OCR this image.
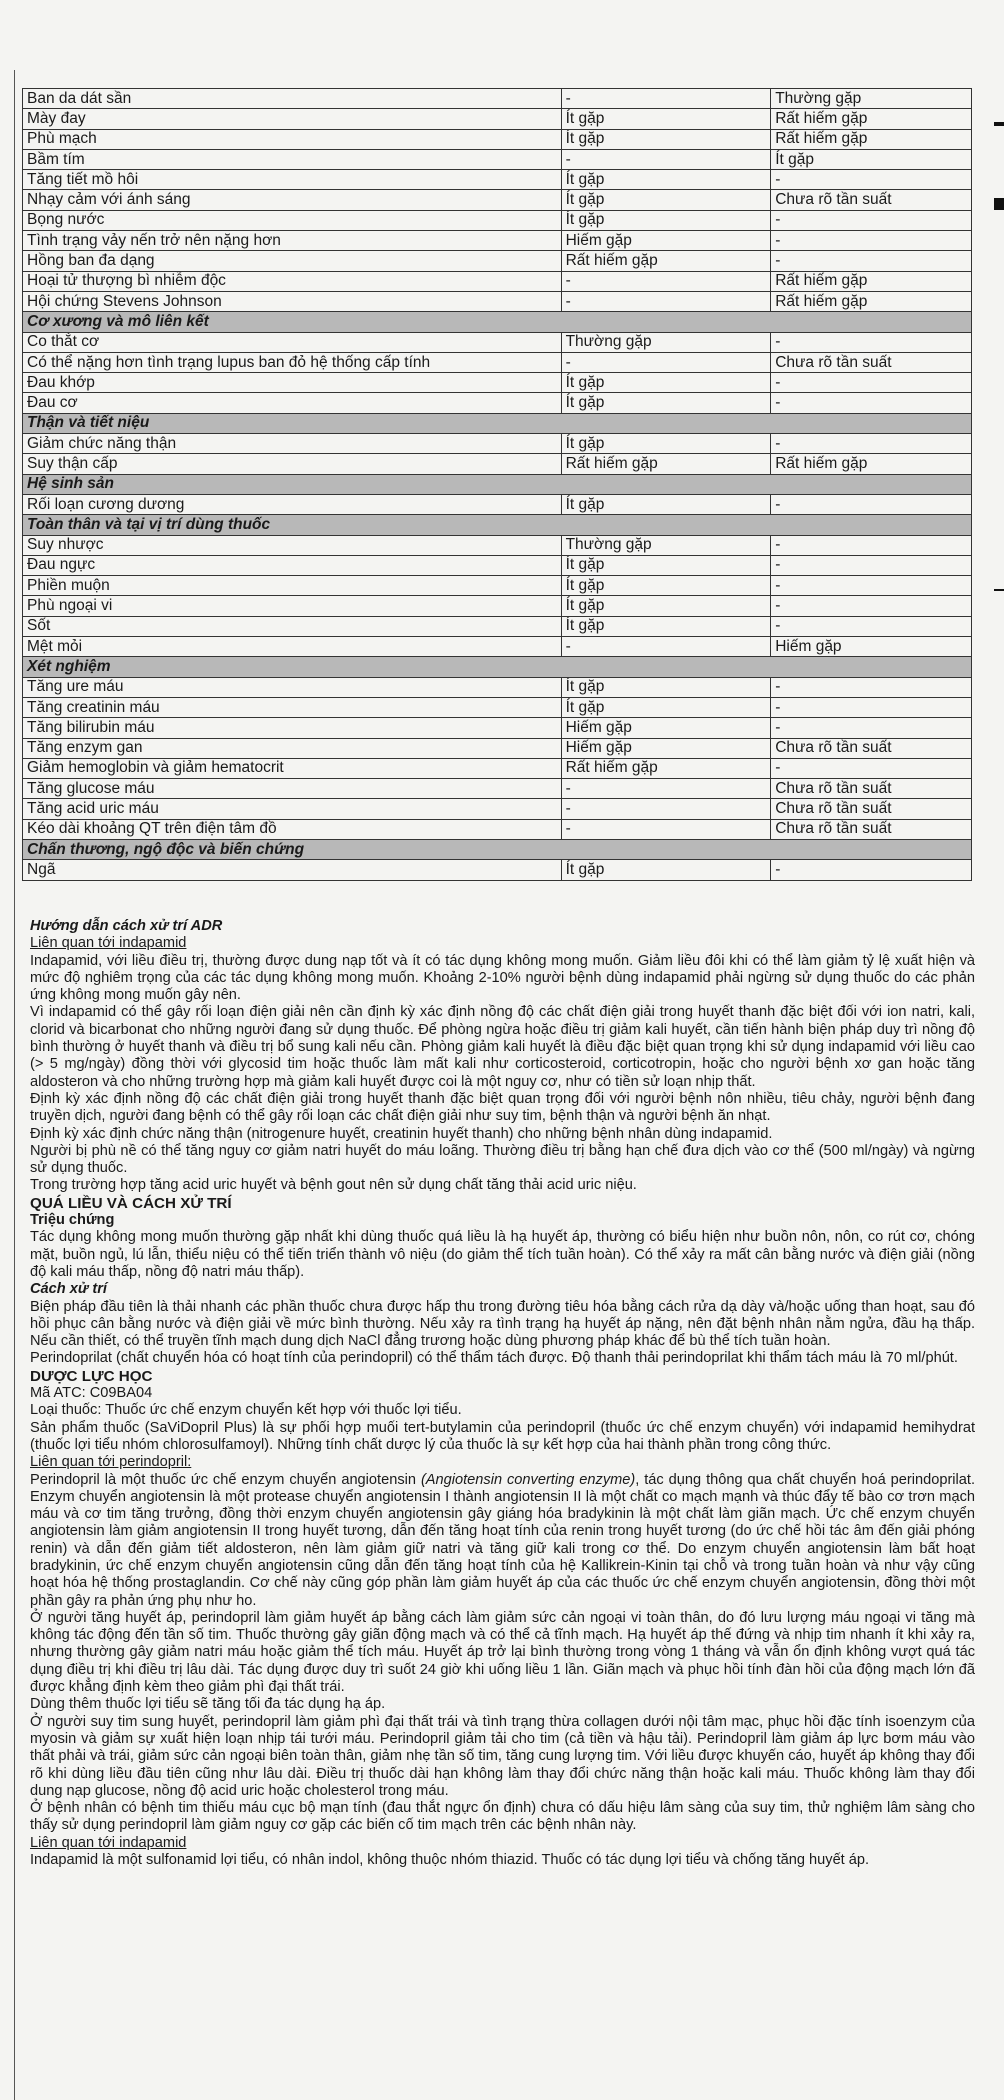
Ban da dát sần	-	Thường gặp
Mày đay	Ít gặp	Rất hiếm gặp
Phù mạch	Ít gặp	Rất hiếm gặp
Bầm tím	-	Ít gặp
Tăng tiết mồ hôi	Ít gặp	-
Nhạy cảm với ánh sáng	Ít gặp	Chưa rõ tần suất
Bọng nước	Ít gặp	-
Tình trạng vảy nến trở nên nặng hơn	Hiếm gặp	-
Hồng ban đa dạng	Rất hiếm gặp	-
Hoại tử thượng bì nhiễm độc	-	Rất hiếm gặp
Hội chứng Stevens Johnson	-	Rất hiếm gặp
Cơ xương và mô liên kết		
Co thắt cơ	Thường gặp	-
Có thể nặng hơn tình trạng lupus ban đỏ hệ thống cấp tính	-	Chưa rõ tần suất
Đau khớp	Ít gặp	-
Đau cơ	Ít gặp	-
Thận và tiết niệu		
Giảm chức năng thận	Ít gặp	-
Suy thận cấp	Rất hiếm gặp	Rất hiếm gặp
Hệ sinh sản		
Rối loạn cương dương	Ít gặp	-
Toàn thân và tại vị trí dùng thuốc		
Suy nhược	Thường gặp	-
Đau ngực	Ít gặp	-
Phiền muộn	Ít gặp	-
Phù ngoại vi	Ít gặp	-
Sốt	Ít gặp	-
Mệt mỏi	-	Hiếm gặp
Xét nghiệm		
Tăng ure máu	Ít gặp	-
Tăng creatinin máu	Ít gặp	-
Tăng bilirubin máu	Hiếm gặp	-
Tăng enzym gan	Hiếm gặp	Chưa rõ tần suất
Giảm hemoglobin và giảm hematocrit	Rất hiếm gặp	-
Tăng glucose máu	-	Chưa rõ tần suất
Tăng acid uric máu	-	Chưa rõ tần suất
Kéo dài khoảng QT trên điện tâm đồ	-	Chưa rõ tần suất
Chấn thương, ngộ độc và biến chứng		
Ngã	Ít gặp	-

Hướng dẫn cách xử trí ADR

Liên quan tới indapamid

Indapamid, với liều điều trị, thường được dung nạp tốt và ít có tác dụng không mong muốn. Giảm liều đôi khi có thể làm giảm tỷ lệ xuất hiện và mức độ nghiêm trọng của các tác dụng không mong muốn. Khoảng 2-10% người bệnh dùng indapamid phải ngừng sử dụng thuốc do các phản ứng không mong muốn gây nên.

Vì indapamid có thể gây rối loạn điện giải nên cần định kỳ xác định nồng độ các chất điện giải trong huyết thanh đặc biệt đối với ion natri, kali, clorid và bicarbonat cho những người đang sử dụng thuốc. Để phòng ngừa hoặc điều trị giảm kali huyết, cần tiến hành biện pháp duy trì nồng độ bình thường ở huyết thanh và điều trị bổ sung kali nếu cần. Phòng giảm kali huyết là điều đặc biệt quan trọng khi sử dụng indapamid với liều cao (> 5 mg/ngày) đồng thời với glycosid tim hoặc thuốc làm mất kali như corticosteroid, corticotropin, hoặc cho người bệnh xơ gan hoặc tăng aldosteron và cho những trường hợp mà giảm kali huyết được coi là một nguy cơ, như có tiền sử loạn nhịp thất.

Định kỳ xác định nồng độ các chất điện giải trong huyết thanh đặc biệt quan trọng đối với người bệnh nôn nhiều, tiêu chảy, người bệnh đang truyền dịch, người đang bệnh có thể gây rối loạn các chất điện giải như suy tim, bệnh thận và người bệnh ăn nhạt.

Định kỳ xác định chức năng thận (nitrogenure huyết, creatinin huyết thanh) cho những bệnh nhân dùng indapamid.

Người bị phù nề có thể tăng nguy cơ giảm natri huyết do máu loãng. Thường điều trị bằng hạn chế đưa dịch vào cơ thể (500 ml/ngày) và ngừng sử dụng thuốc.

Trong trường hợp tăng acid uric huyết và bệnh gout nên sử dụng chất tăng thải acid uric niệu.

QUÁ LIỀU VÀ CÁCH XỬ TRÍ

Triệu chứng

Tác dụng không mong muốn thường gặp nhất khi dùng thuốc quá liều là hạ huyết áp, thường có biểu hiện như buồn nôn, nôn, co rút cơ, chóng mặt, buồn ngủ, lú lẫn, thiểu niệu có thể tiến triển thành vô niệu (do giảm thể tích tuần hoàn). Có thể xảy ra mất cân bằng nước và điện giải (nồng độ kali máu thấp, nồng độ natri máu thấp).

Cách xử trí

Biện pháp đầu tiên là thải nhanh các phần thuốc chưa được hấp thu trong đường tiêu hóa bằng cách rửa dạ dày và/hoặc uống than hoạt, sau đó hồi phục cân bằng nước và điện giải về mức bình thường. Nếu xảy ra tình trạng hạ huyết áp nặng, nên đặt bệnh nhân nằm ngửa, đầu hạ thấp. Nếu cần thiết, có thể truyền tĩnh mạch dung dịch NaCl đẳng trương hoặc dùng phương pháp khác để bù thể tích tuần hoàn.

Perindoprilat (chất chuyển hóa có hoạt tính của perindopril) có thể thẩm tách được. Độ thanh thải perindoprilat khi thẩm tách máu là 70 ml/phút.

DƯỢC LỰC HỌC

Mã ATC: C09BA04

Loại thuốc: Thuốc ức chế enzym chuyển kết hợp với thuốc lợi tiểu.

Sản phẩm thuốc (SaViDopril Plus) là sự phối hợp muối tert-butylamin của perindopril (thuốc ức chế enzym chuyển) với indapamid hemihydrat (thuốc lợi tiểu nhóm chlorosulfamoyl). Những tính chất dược lý của thuốc là sự kết hợp của hai thành phần trong công thức.

Liên quan tới perindopril:

Perindopril là một thuốc ức chế enzym chuyển angiotensin (Angiotensin converting enzyme), tác dụng thông qua chất chuyển hoá perindoprilat. Enzym chuyển angiotensin là một protease chuyển angiotensin I thành angiotensin II là một chất co mạch mạnh và thúc đẩy tế bào cơ trơn mạch máu và cơ tim tăng trưởng, đồng thời enzym chuyển angiotensin gây giáng hóa bradykinin là một chất làm giãn mạch. Ức chế enzym chuyển angiotensin làm giảm angiotensin II trong huyết tương, dẫn đến tăng hoạt tính của renin trong huyết tương (do ức chế hồi tác âm đến giải phóng renin) và dẫn đến giảm tiết aldosteron, nên làm giảm giữ natri và tăng giữ kali trong cơ thể. Do enzym chuyển angiotensin làm bất hoạt bradykinin, ức chế enzym chuyển angiotensin cũng dẫn đến tăng hoạt tính của hệ Kallikrein-Kinin tại chỗ và trong tuần hoàn và như vậy cũng hoạt hóa hệ thống prostaglandin. Cơ chế này cũng góp phần làm giảm huyết áp của các thuốc ức chế enzym chuyển angiotensin, đồng thời một phần gây ra phản ứng phụ như ho.

Ở người tăng huyết áp, perindopril làm giảm huyết áp bằng cách làm giảm sức cản ngoại vi toàn thân, do đó lưu lượng máu ngoại vi tăng mà không tác động đến tần số tim. Thuốc thường gây giãn động mạch và có thể cả tĩnh mạch. Hạ huyết áp thế đứng và nhịp tim nhanh ít khi xảy ra, nhưng thường gây giảm natri máu hoặc giảm thể tích máu. Huyết áp trở lại bình thường trong vòng 1 tháng và vẫn ổn định không vượt quá tác dụng điều trị khi điều trị lâu dài. Tác dụng được duy trì suốt 24 giờ khi uống liều 1 lần. Giãn mạch và phục hồi tính đàn hồi của động mạch lớn đã được khẳng định kèm theo giảm phì đại thất trái.

Dùng thêm thuốc lợi tiểu sẽ tăng tối đa tác dụng hạ áp.

Ở người suy tim sung huyết, perindopril làm giảm phì đại thất trái và tình trạng thừa collagen dưới nội tâm mạc, phục hồi đặc tính isoenzym của myosin và giảm sự xuất hiện loạn nhịp tái tưới máu. Perindopril giảm tải cho tim (cả tiền và hậu tải). Perindopril làm giảm áp lực bơm máu vào thất phải và trái, giảm sức cản ngoại biên toàn thân, giảm nhẹ tần số tim, tăng cung lượng tim. Với liều được khuyến cáo, huyết áp không thay đổi rõ khi dùng liều đầu tiên cũng như lâu dài. Điều trị thuốc dài hạn không làm thay đổi chức năng thận hoặc kali máu. Thuốc không làm thay đổi dung nạp glucose, nồng độ acid uric hoặc cholesterol trong máu.

Ở bệnh nhân có bệnh tim thiếu máu cục bộ mạn tính (đau thắt ngực ổn định) chưa có dấu hiệu lâm sàng của suy tim, thử nghiệm lâm sàng cho thấy sử dụng perindopril làm giảm nguy cơ gặp các biến cố tim mạch trên các bệnh nhân này.

Liên quan tới indapamid

Indapamid là một sulfonamid lợi tiểu, có nhân indol, không thuộc nhóm thiazid. Thuốc có tác dụng lợi tiểu và chống tăng huyết áp.
